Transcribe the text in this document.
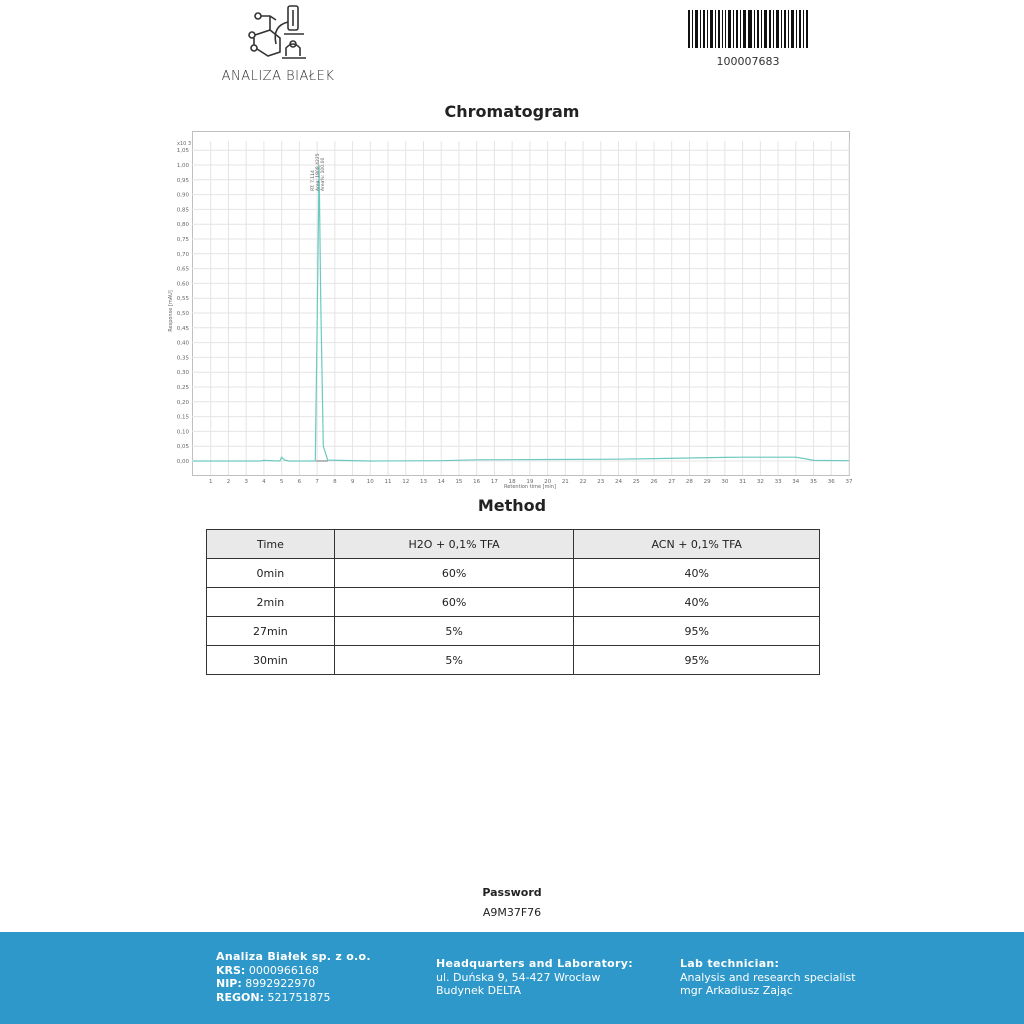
ANALIZA BIAŁEK
100007683
Chromatogram
1	2	3	4	5	6	7	8	9 10 11 12 13 14 15 16 17 18 19 20 21 22 23 24 25 26 27 28 29 30 31 32 33 34 35 36 37
0,00
0,05
0,10
0,15
0,20
0,25
0,30
0,35
0,40
0,45
0,50
0,55
0,60
0,65
0,70
0,75
0,80
0,85
0,90
0,95
1,00
1,05
x10 3
Retention time [min]
Response [mAU]
RT: 7.114 Area: 1808.4225 Area%: 100.00
Method
Time	H2O + 0,1% TFA	ACN + 0,1% TFA
0min	60%	40%
2min	60%	40%
27min	5%	95%
30min	5%	95%
Password
A9M37F76
Analiza Białek sp. z o.o.
KRS: 0000966168
NIP: 8992922970
REGON: 521751875
Headquarters and Laboratory:
ul. Duńska 9, 54-427 Wrocław
Budynek DELTA
Lab technician:
Analysis and research specialist
mgr Arkadiusz Zając
